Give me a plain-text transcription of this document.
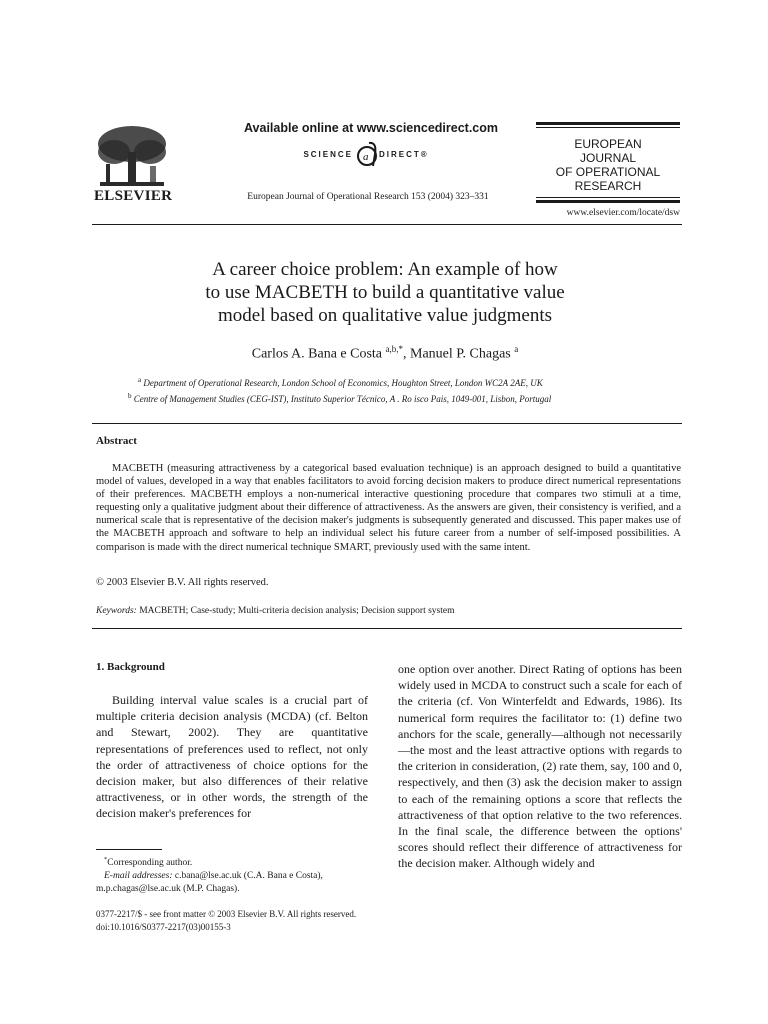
ELSEVIER
Available online at www.sciencedirect.com
SCIENCE a DIRECT®
European Journal of Operational Research 153 (2004) 323–331
EUROPEAN
JOURNAL
OF OPERATIONAL
RESEARCH
www.elsevier.com/locate/dsw
A career choice problem: An example of how
to use MACBETH to build a quantitative value
model based on qualitative value judgments
Carlos A. Bana e Costa $^{a,b,*}$, Manuel P. Chagas $^a$
$^a$ Department of Operational Research, London School of Economics, Houghton Street, London WC2A 2AE, UK
$^b$ Centre of Management Studies (CEG-IST), Instituto Superior Técnico, A . Ro isco Pais, 1049-001, Lisbon, Portugal
Abstract
MACBETH (measuring attractiveness by a categorical based evaluation technique) is an approach designed to build a quantitative model of values, developed in a way that enables facilitators to avoid forcing decision makers to produce direct numerical representations of their preferences. MACBETH employs a non-numerical interactive questioning procedure that compares two stimuli at a time, requesting only a qualitative judgment about their difference of attractiveness. As the answers are given, their consistency is verified, and a numerical scale that is representative of the decision maker's judgments is subsequently generated and discussed. This paper makes use of the MACBETH approach and software to help an individual select his future career from a number of self-imposed possibilities. A comparison is made with the direct numerical technique SMART, previously used with the same intent.
© 2003 Elsevier B.V. All rights reserved.
Keywords: MACBETH; Case-study; Multi-criteria decision analysis; Decision support system
1. Background
Building interval value scales is a crucial part of multiple criteria decision analysis (MCDA) (cf. Belton and Stewart, 2002). They are quantitative representations of preferences used to reflect, not only the order of attractiveness of choice options for the decision maker, but also differences of their relative attractiveness, or in other words, the strength of the decision maker's preferences for
one option over another. Direct Rating of options has been widely used in MCDA to construct such a scale for each of the criteria (cf. Von Winterfeldt and Edwards, 1986). Its numerical form requires the facilitator to: (1) define two anchors for the scale, generally—although not necessarily—the most and the least attractive options with regards to the criterion in consideration, (2) rate them, say, 100 and 0, respectively, and then (3) ask the decision maker to assign to each of the remaining options a score that reflects the attractiveness of that option relative to the two references. In the final scale, the difference between the options' scores should reflect their difference of attractiveness for the decision maker. Although widely and
*Corresponding author.
E-mail addresses: c.bana@lse.ac.uk (C.A. Bana e Costa),
m.p.chagas@lse.ac.uk (M.P. Chagas).
0377-2217/$ - see front matter © 2003 Elsevier B.V. All rights reserved.
doi:10.1016/S0377-2217(03)00155-3
